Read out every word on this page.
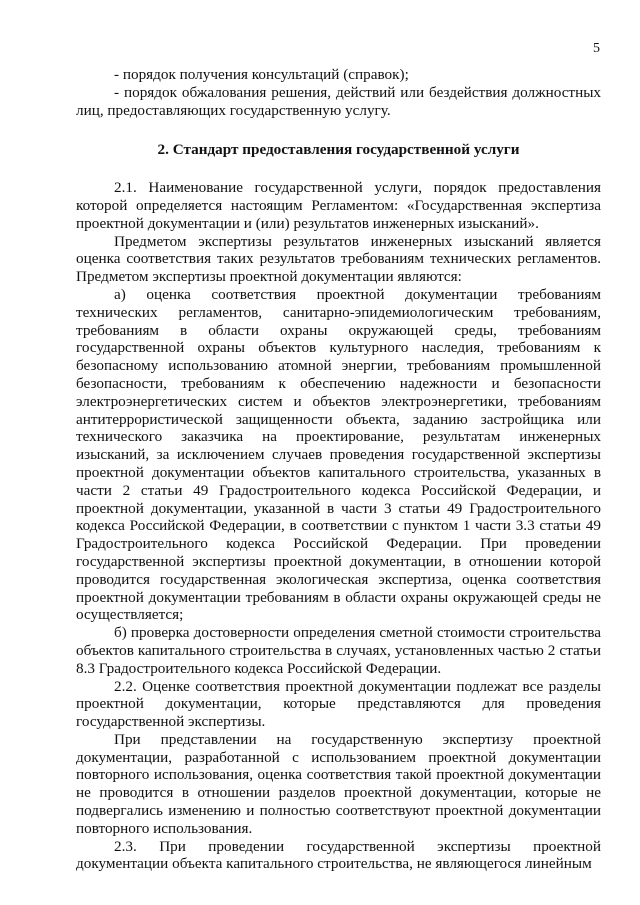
5

- порядок получения консультаций (справок);

- порядок обжалования решения, действий или бездействия должностных лиц, предоставляющих государственную услугу.

2. Стандарт предоставления государственной услуги

2.1. Наименование государственной услуги, порядок предоставления которой определяется настоящим Регламентом: «Государственная экспертиза проектной документации и (или) результатов инженерных изысканий».

Предметом экспертизы результатов инженерных изысканий является оценка соответствия таких результатов требованиям технических регламентов. Предметом экспертизы проектной документации являются:

а) оценка соответствия проектной документации требованиям технических регламентов, санитарно-эпидемиологическим требованиям, требованиям в области охраны окружающей среды, требованиям государственной охраны объектов культурного наследия, требованиям к безопасному использованию атомной энергии, требованиям промышленной безопасности, требованиям к обеспечению надежности и безопасности электроэнергетических систем и объектов электроэнергетики, требованиям антитеррористической защищенности объекта, заданию застройщика или технического заказчика на проектирование, результатам инженерных изысканий, за исключением случаев проведения государственной экспертизы проектной документации объектов капитального строительства, указанных в части 2 статьи 49 Градостроительного кодекса Российской Федерации, и проектной документации, указанной в части 3 статьи 49 Градостроительного кодекса Российской Федерации, в соответствии с пунктом 1 части 3.3 статьи 49 Градостроительного кодекса Российской Федерации. При проведении государственной экспертизы проектной документации, в отношении которой проводится государственная экологическая экспертиза, оценка соответствия проектной документации требованиям в области охраны окружающей среды не осуществляется;

б) проверка достоверности определения сметной стоимости строительства объектов капитального строительства в случаях, установленных частью 2 статьи 8.3 Градостроительного кодекса Российской Федерации.

2.2. Оценке соответствия проектной документации подлежат все разделы проектной документации, которые представляются для проведения государственной экспертизы.

При представлении на государственную экспертизу проектной документации, разработанной с использованием проектной документации повторного использования, оценка соответствия такой проектной документации не проводится в отношении разделов проектной документации, которые не подвергались изменению и полностью соответствуют проектной документации повторного использования.

2.3. При проведении государственной экспертизы проектной документации объекта капитального строительства, не являющегося линейным
